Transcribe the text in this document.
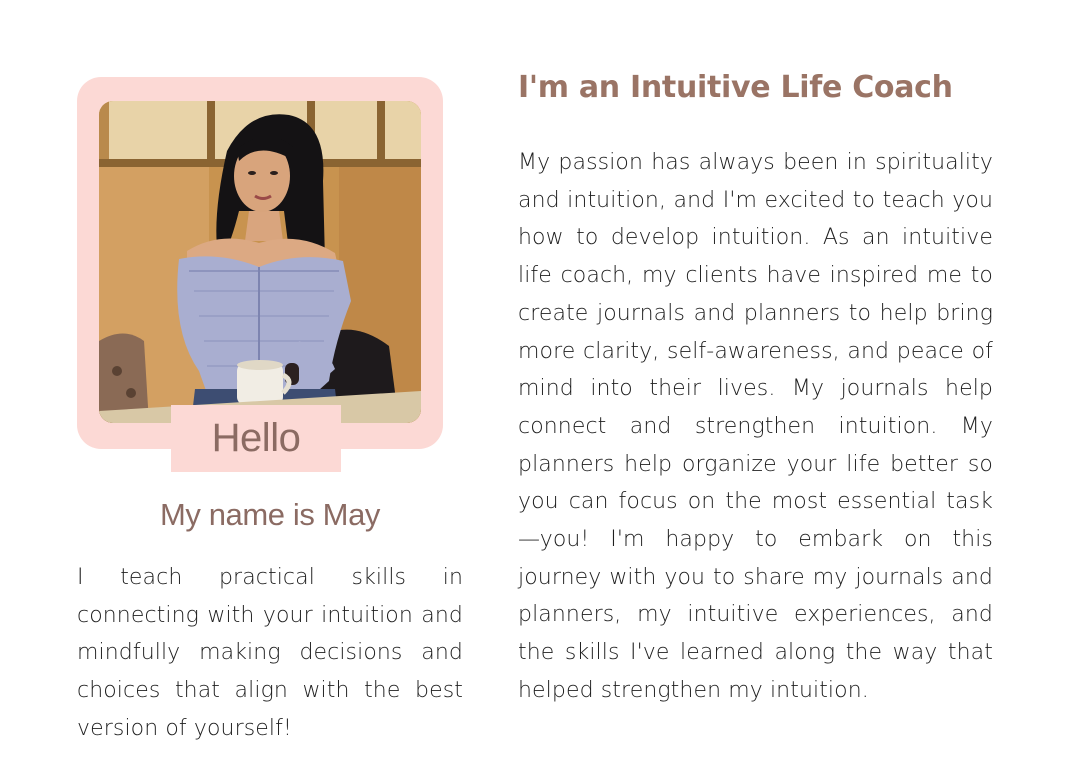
Hello
My name is May
I teach practical skills in connecting with your intuition and mindfully making decisions and choices that align with the best version of yourself!
I'm an Intuitive Life Coach
My passion has always been in spirituality and intuition, and I'm excited to teach you how to develop intuition. As an intuitive life coach, my clients have inspired me to create journals and planners to help bring more clarity, self-awareness, and peace of mind into their lives. My journals help connect and strengthen intuition. My planners help organize your life better so you can focus on the most essential task—you! I'm happy to embark on this journey with you to share my journals and planners, my intuitive experiences, and the skills I've learned along the way that helped strengthen my intuition.
